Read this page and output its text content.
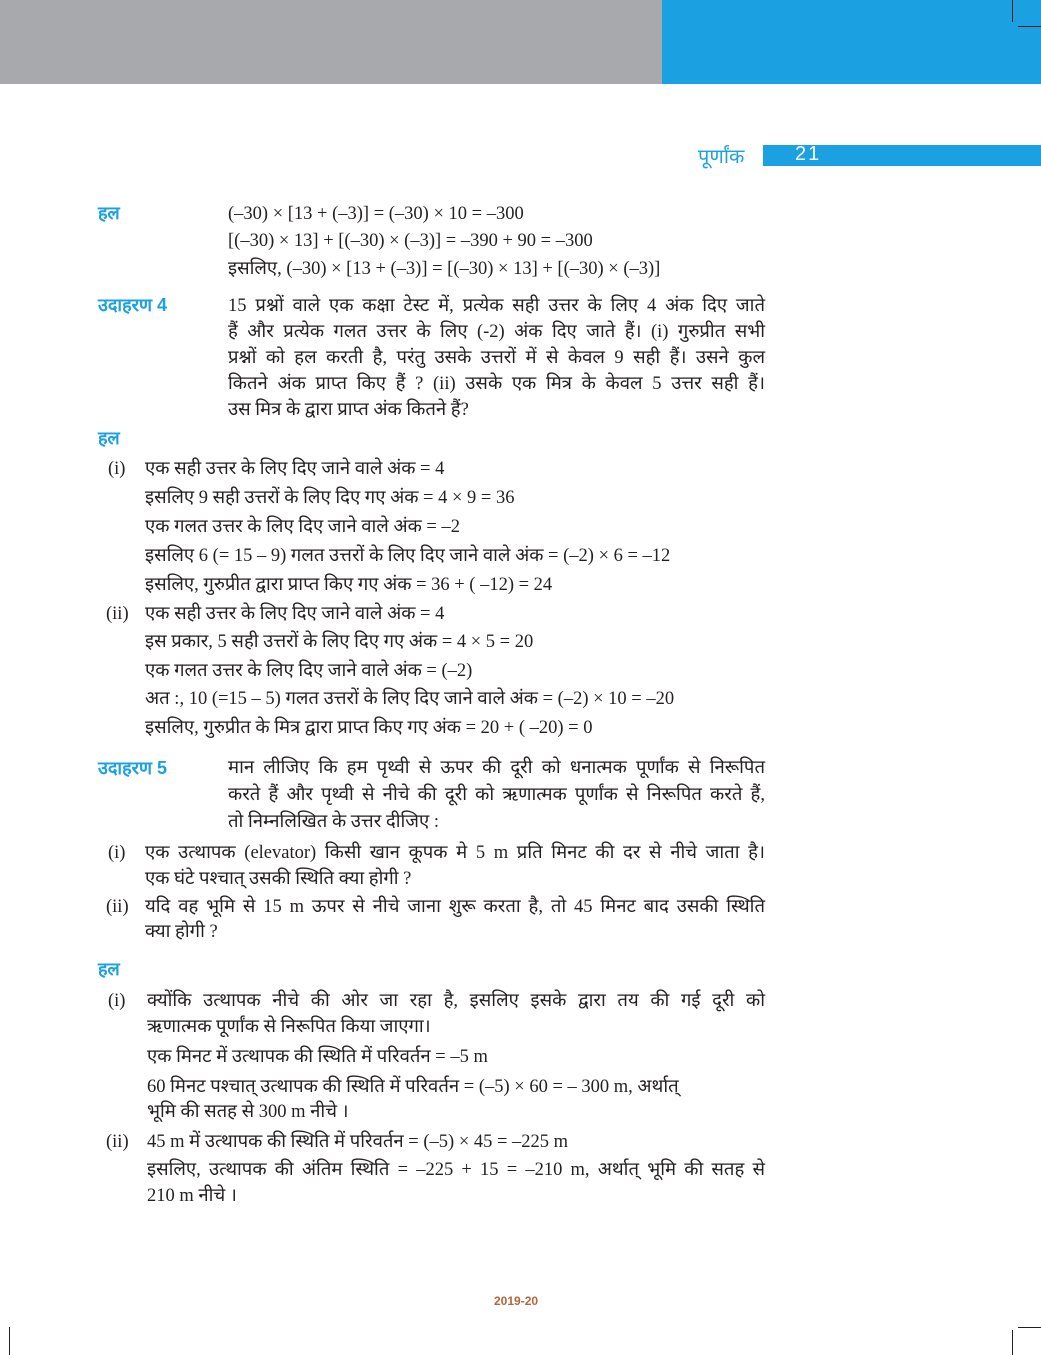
पूर्णांक	21
हल	(–30) × [13 + (–3)] = (–30) × 10 = –300
[(–30) × 13] + [(–30) × (–3)] = –390 + 90 = –300
इसलिए, (–30) × [13 + (–3)] = [(–30) × 13] + [(–30) × (–3)]
उदाहरण 4	15 प्रश्नों वाले एक कक्षा टेस्ट में, प्रत्येक सही उत्तर के लिए 4 अंक दिए जाते
हैं और प्रत्येक गलत उत्तर के लिए (-2) अंक दिए जाते हैं। (i) गुरुप्रीत सभी
प्रश्नों को हल करती है, परंतु उसके उत्तरों में से केवल 9 सही हैं। उसने कुल
कितने अंक प्राप्त किए हैं ? (ii) उसके एक मित्र के केवल 5 उत्तर सही हैं।
उस मित्र के द्वारा प्राप्त अंक कितने हैं?
हल
(i) एक सही उत्तर के लिए दिए जाने वाले अंक = 4
इसलिए 9 सही उत्तरों के लिए दिए गए अंक = 4 × 9 = 36
एक गलत उत्तर के लिए दिए जाने वाले अंक = –2
इसलिए 6 (= 15 – 9) गलत उत्तरों के लिए दिए जाने वाले अंक = (–2) × 6 = –12
इसलिए, गुरुप्रीत द्वारा प्राप्त किए गए अंक = 36 + ( –12) = 24
(ii) एक सही उत्तर के लिए दिए जाने वाले अंक = 4
इस प्रकार, 5 सही उत्तरों के लिए दिए गए अंक = 4 × 5 = 20
एक गलत उत्तर के लिए दिए जाने वाले अंक = (–2)
अत :, 10 (=15 – 5) गलत उत्तरों के लिए दिए जाने वाले अंक = (–2) × 10 = –20
इसलिए, गुरुप्रीत के मित्र द्वारा प्राप्त किए गए अंक = 20 + ( –20) = 0
उदाहरण 5	मान लीजिए कि हम पृथ्वी से ऊपर की दूरी को धनात्मक पूर्णांक से निरूपित
करते हैं और पृथ्वी से नीचे की दूरी को ऋणात्मक पूर्णांक से निरूपित करते हैं,
तो निम्नलिखित के उत्तर दीजिए :
(i) एक उत्थापक (elevator) किसी खान कूपक मे 5 m प्रति मिनट की दर से नीचे जाता है।
एक घंटे पश्चात् उसकी स्थिति क्या होगी ?
(ii) यदि वह भूमि से 15 m ऊपर से नीचे जाना शुरू करता है, तो 45 मिनट बाद उसकी स्थिति
क्या होगी ?
हल
(i) क्योंकि उत्थापक नीचे की ओर जा रहा है, इसलिए इसके द्वारा तय की गई दूरी को
ऋणात्मक पूर्णांक से निरूपित किया जाएगा।
एक मिनट में उत्थापक की स्थिति में परिवर्तन = –5 m
60 मिनट पश्चात् उत्थापक की स्थिति में परिवर्तन = (–5) × 60 = – 300 m, अर्थात्
भूमि की सतह से 300 m नीचे ।
(ii) 45 m में उत्थापक की स्थिति में परिवर्तन = (–5) × 45 = –225 m
इसलिए, उत्थापक की अंतिम स्थिति = –225 + 15 = –210 m, अर्थात् भूमि की सतह से
210 m नीचे ।
2019-20
